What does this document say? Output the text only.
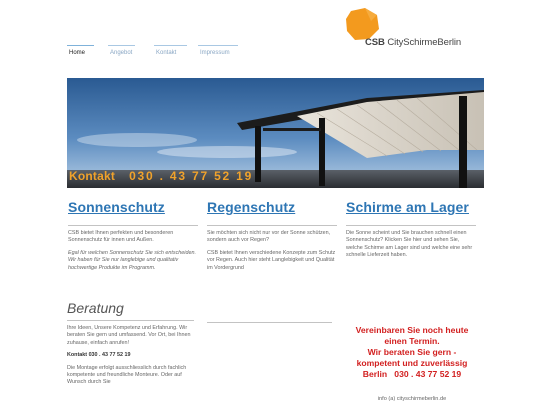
CSB CitySchirmeBerlin
Home	Angebot	Kontakt	Impressum
Kontakt 030 . 43 77 52 19
Sonnenschutz

CSB bietet Ihnen perfekten und besonderen Sonnenschutz für innen und Außen.

Egal für welchen Sonnenschutz Sie sich entscheiden. Wir haben für Sie nur langlebige und qualitativ hochwertige Produkte im Programm.

Regenschutz

Sie möchten sich nicht nur vor der Sonne schützen, sondern auch vor Regen?

CSB bietet Ihnen verschiedene Konzepte zum Schutz vor Regen. Auch hier steht Langlebigkeit und Qualität im Vordergrund

Schirme am Lager

Die Sonne scheint und Sie brauchen schnell einen Sonnenschutz? Klicken Sie hier und sehen Sie, welche Schirme am Lager sind und welche eine sehr schnelle Lieferzeit haben.

Beratung

Ihre Ideen, Unsere Kompetenz und Erfahrung. Wir beraten Sie gern und umfassend. Vor Ort, bei Ihnen zuhause, einfach anrufen!

Kontakt 030 . 43 77 52 19

Die Montage erfolgt ausschliesslich durch fachlich kompetente und freundliche Monteure. Oder auf Wunsch durch Sie

Vereinbaren Sie noch heute
einen Termin.
Wir beraten Sie gern -
kompetent und zuverlässig
Berlin   030 . 43 77 52 19
info (a) cityschirmeberlin.de
